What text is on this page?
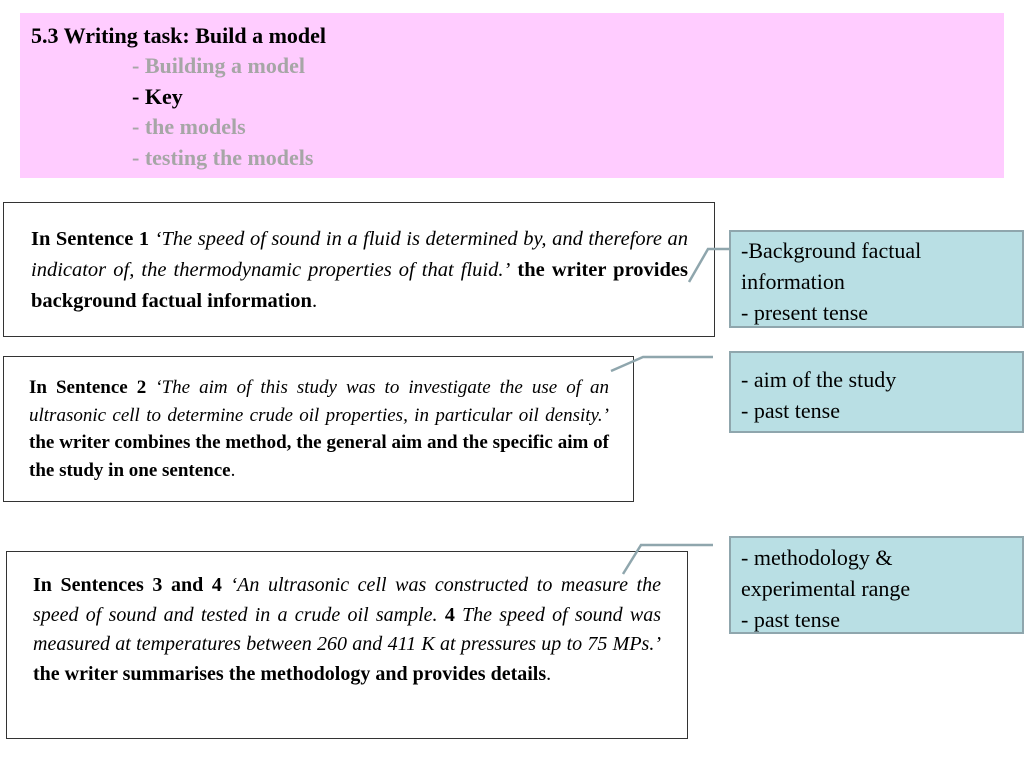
5.3 Writing task: Build a model
- Building a model
- Key
- the models
- testing the models

In Sentence 1 ‘The speed of sound in a fluid is determined by, and therefore an indicator of, the thermodynamic properties of that fluid.’ the writer provides background factual information.

In Sentence 2 ‘The aim of this study was to investigate the use of an ultrasonic cell to determine crude oil properties, in particular oil density.’ the writer combines the method, the general aim and the specific aim of the study in one sentence.

In Sentences 3 and 4 ‘An ultrasonic cell was constructed to measure the speed of sound and tested in a crude oil sample. 4 The speed of sound was measured at temperatures between 260 and 411 K at pressures up to 75 MPs.’ the writer summarises the methodology and provides details.

-Background factual
information
- present tense
- aim of the study
- past tense
- methodology &
experimental range
- past tense
